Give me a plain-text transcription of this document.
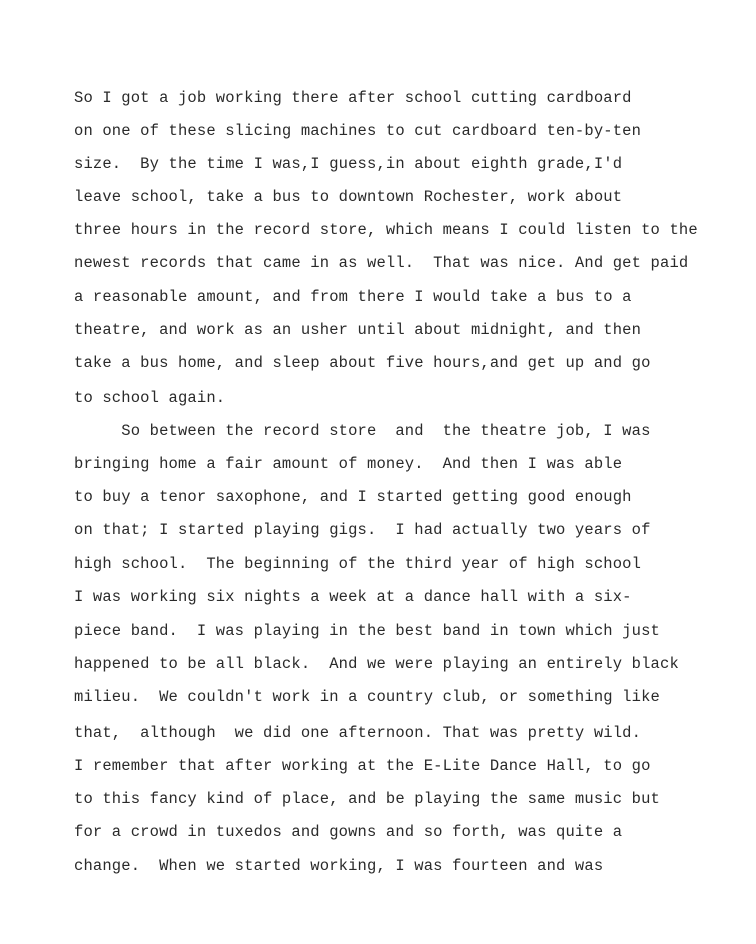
So I got a job working there after school cutting cardboard
on one of these slicing machines to cut cardboard ten-by-ten
size.  By the time I was,I guess,in about eighth grade,I'd
leave school, take a bus to downtown Rochester, work about
three hours in the record store, which means I could listen to the
newest records that came in as well.  That was nice. And get paid
a reasonable amount, and from there I would take a bus to a
theatre, and work as an usher until about midnight, and then
take a bus home, and sleep about five hours,and get up and go
to school again.
So between the record store  and  the theatre job, I was
bringing home a fair amount of money.  And then I was able
to buy a tenor saxophone, and I started getting good enough
on that; I started playing gigs.  I had actually two years of
high school.  The beginning of the third year of high school
I was working six nights a week at a dance hall with a six-
piece band.  I was playing in the best band in town which just
happened to be all black.  And we were playing an entirely black
milieu.  We couldn't work in a country club, or something like
that,  although  we did one afternoon. That was pretty wild.
I remember that after working at the E-Lite Dance Hall, to go
to this fancy kind of place, and be playing the same music but
for a crowd in tuxedos and gowns and so forth, was quite a
change.  When we started working, I was fourteen and was
